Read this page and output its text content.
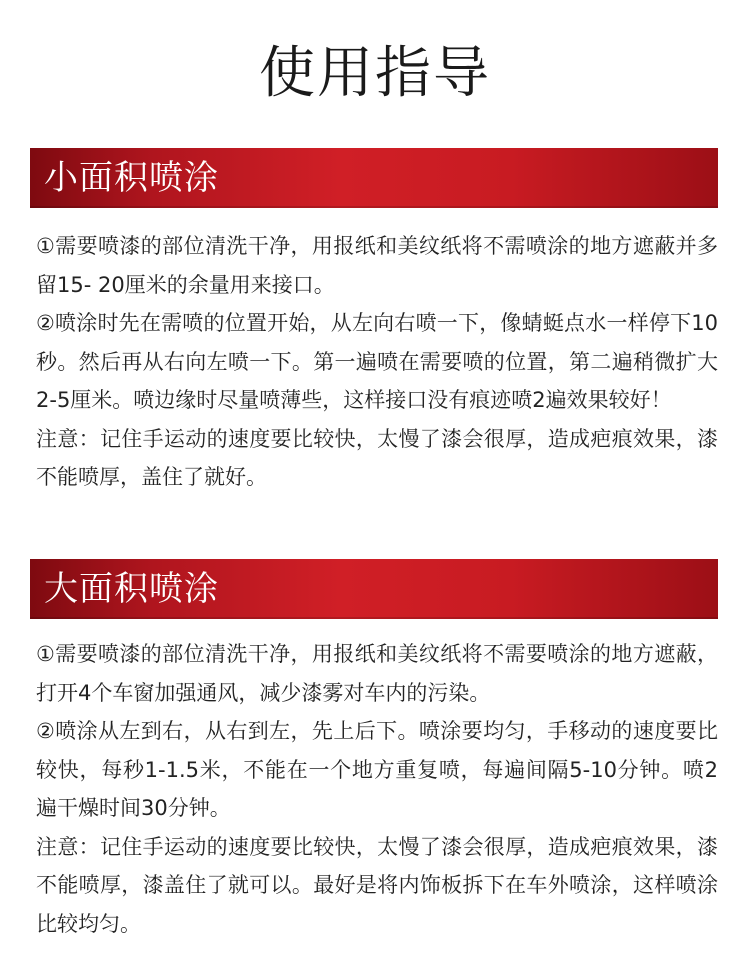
使用指导
小面积喷涂

①需要喷漆的部位清洗干净，用报纸和美纹纸将不需喷涂的地方遮蔽并多留15- 20厘米的余量用来接口。

②喷涂时先在需喷的位置开始，从左向右喷一下，像蜻蜓点水一样停下10秒。然后再从右向左喷一下。第一遍喷在需要喷的位置，第二遍稍微扩大2-5厘米。喷边缘时尽量喷薄些，这样接口没有痕迹喷2遍效果较好！

注意：记住手运动的速度要比较快，太慢了漆会很厚，造成疤痕效果，漆不能喷厚，盖住了就好。

大面积喷涂

①需要喷漆的部位清洗干净，用报纸和美纹纸将不需要喷涂的地方遮蔽，打开4个车窗加强通风，减少漆雾对车内的污染。

②喷涂从左到右，从右到左，先上后下。喷涂要均匀，手移动的速度要比较快，每秒1-1.5米，不能在一个地方重复喷，每遍间隔5-10分钟。喷2遍干燥时间30分钟。

注意：记住手运动的速度要比较快，太慢了漆会很厚，造成疤痕效果，漆不能喷厚，漆盖住了就可以。最好是将内饰板拆下在车外喷涂，这样喷涂比较均匀。
